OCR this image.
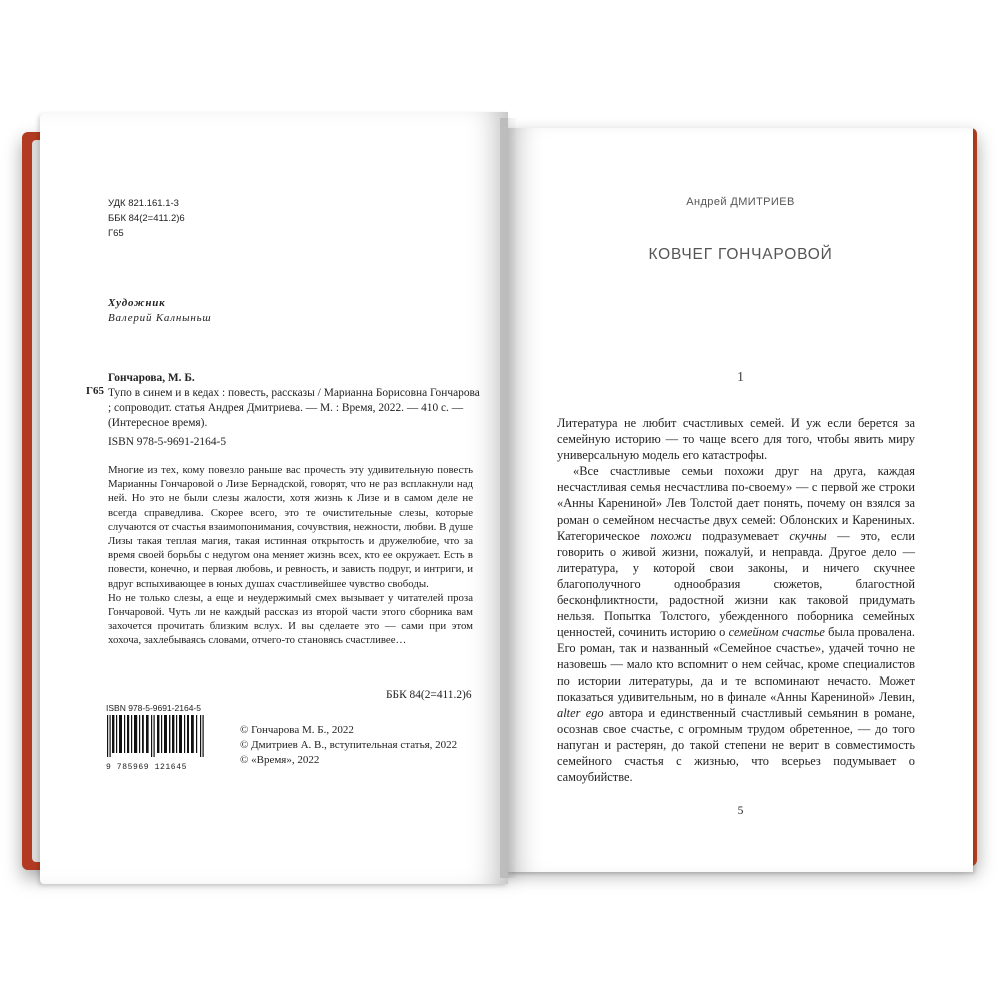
УДК 821.161.1-3
ББК 84(2=411.2)6
Г65
Художник
Валерий Калныньш
Г65
Гончарова, М. Б.
Тупо в синем и в кедах : повесть, рассказы / Марианна Борисовна Гончарова ; сопроводит. статья Андрея Дмитриева. — М. : Время, 2022. — 410 с. — (Интересное время).
ISBN 978-5-9691-2164-5

Многие из тех, кому повезло раньше вас прочесть эту удивительную повесть Марианны Гончаровой о Лизе Бернадской, говорят, что не раз всплакнули над ней. Но это не были слезы жалости, хотя жизнь к Лизе и в самом деле не всегда справедлива. Скорее всего, это те очистительные слезы, которые случаются от счастья взаимопонимания, сочувствия, нежности, любви. В душе Лизы такая теплая магия, такая истинная открытость и дружелюбие, что за время своей борьбы с недугом она меняет жизнь всех, кто ее окружает. Есть в повести, конечно, и первая любовь, и ревность, и зависть подруг, и интриги, и вдруг вспыхивающее в юных душах счастливейшее чувство свободы.

Но не только слезы, а еще и неудержимый смех вызывает у читателей проза Гончаровой. Чуть ли не каждый рассказ из второй части этого сборника вам захочется прочитать близким вслух. И вы сделаете это — сами при этом хохоча, захлебываясь словами, отчего-то становясь счастливее…

ББК 84(2=411.2)6
ISBN 978-5-9691-2164-5
9 785969 121645
© Гончарова М. Б., 2022
© Дмитриев А. В., вступительная статья, 2022
© «Время», 2022
Андрей ДМИТРИЕВ
КОВЧЕГ ГОНЧАРОВОЙ
1

Литература не любит счастливых семей. И уж если берется за семейную историю — то чаще всего для того, чтобы явить миру универсальную модель его катастрофы.

«Все счастливые семьи похожи друг на друга, каждая несчастливая семья несчастлива по-своему» — с первой же строки «Анны Карениной» Лев Толстой дает понять, почему он взялся за роман о семейном несчастье двух семей: Облонских и Карениных. Категорическое похожи подразумевает скучны — это, если говорить о живой жизни, пожалуй, и неправда. Другое дело — литература, у которой свои законы, и ничего скучнее благополучного однообразия сюжетов, благостной бесконфликтности, радостной жизни как таковой придумать нельзя. Попытка Толстого, убежденного поборника семейных ценностей, сочинить историю о семейном счастье была провалена. Его роман, так и названный «Семейное счастье», удачей точно не назовешь — мало кто вспомнит о нем сейчас, кроме специалистов по истории литературы, да и те вспоминают нечасто. Может показаться удивительным, но в финале «Анны Карениной» Левин, alter ego автора и единственный счастливый семьянин в романе, осознав свое счастье, с огромным трудом обретенное, — до того напуган и растерян, до такой степени не верит в совместимость семейного счастья с жизнью, что всерьез подумывает о самоубийстве.

5
